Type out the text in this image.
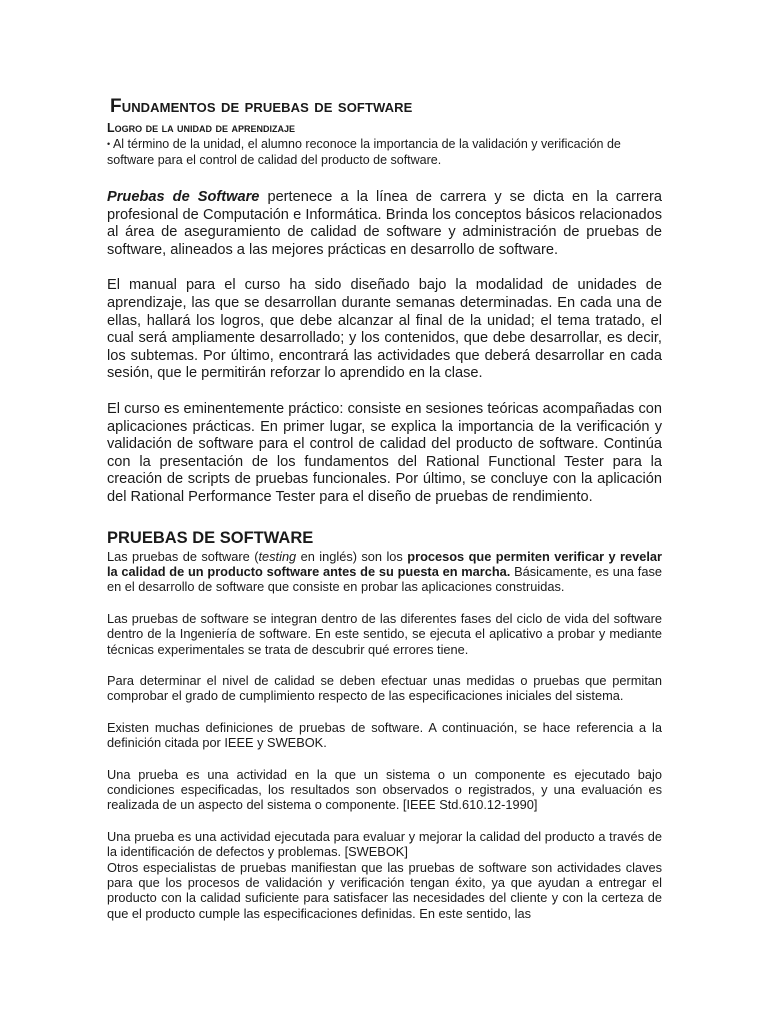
Fundamentos de pruebas de software

Logro de la unidad de aprendizaje

• Al término de la unidad, el alumno reconoce la importancia de la validación y verificación de software para el control de calidad del producto de software.

Pruebas de Software pertenece a la línea de carrera y se dicta en la carrera profesional de Computación e Informática. Brinda los conceptos básicos relacionados al área de aseguramiento de calidad de software y administración de pruebas de software, alineados a las mejores prácticas en desarrollo de software.

El manual para el curso ha sido diseñado bajo la modalidad de unidades de aprendizaje, las que se desarrollan durante semanas determinadas. En cada una de ellas, hallará los logros, que debe alcanzar al final de la unidad; el tema tratado, el cual será ampliamente desarrollado; y los contenidos, que debe desarrollar, es decir, los subtemas. Por último, encontrará las actividades que deberá desarrollar en cada sesión, que le permitirán reforzar lo aprendido en la clase.

El curso es eminentemente práctico: consiste en sesiones teóricas acompañadas con aplicaciones prácticas. En primer lugar, se explica la importancia de la verificación y validación de software para el control de calidad del producto de software. Continúa con la presentación de los fundamentos del Rational Functional Tester para la creación de scripts de pruebas funcionales. Por último, se concluye con la aplicación del Rational Performance Tester para el diseño de pruebas de rendimiento.

PRUEBAS DE SOFTWARE

Las pruebas de software (testing en inglés) son los procesos que permiten verificar y revelar la calidad de un producto software antes de su puesta en marcha. Básicamente, es una fase en el desarrollo de software que consiste en probar las aplicaciones construidas.

Las pruebas de software se integran dentro de las diferentes fases del ciclo de vida del software dentro de la Ingeniería de software. En este sentido, se ejecuta el aplicativo a probar y mediante técnicas experimentales se trata de descubrir qué errores tiene.

Para determinar el nivel de calidad se deben efectuar unas medidas o pruebas que permitan comprobar el grado de cumplimiento respecto de las especificaciones iniciales del sistema.

Existen muchas definiciones de pruebas de software. A continuación, se hace referencia a la definición citada por IEEE y SWEBOK.

Una prueba es una actividad en la que un sistema o un componente es ejecutado bajo condiciones especificadas, los resultados son observados o registrados, y una evaluación es realizada de un aspecto del sistema o componente. [IEEE Std.610.12-1990]

Una prueba es una actividad ejecutada para evaluar y mejorar la calidad del producto a través de la identificación de defectos y problemas. [SWEBOK]

Otros especialistas de pruebas manifiestan que las pruebas de software son actividades claves para que los procesos de validación y verificación tengan éxito, ya que ayudan a entregar el producto con la calidad suficiente para satisfacer las necesidades del cliente y con la certeza de que el producto cumple las especificaciones definidas. En este sentido, las
